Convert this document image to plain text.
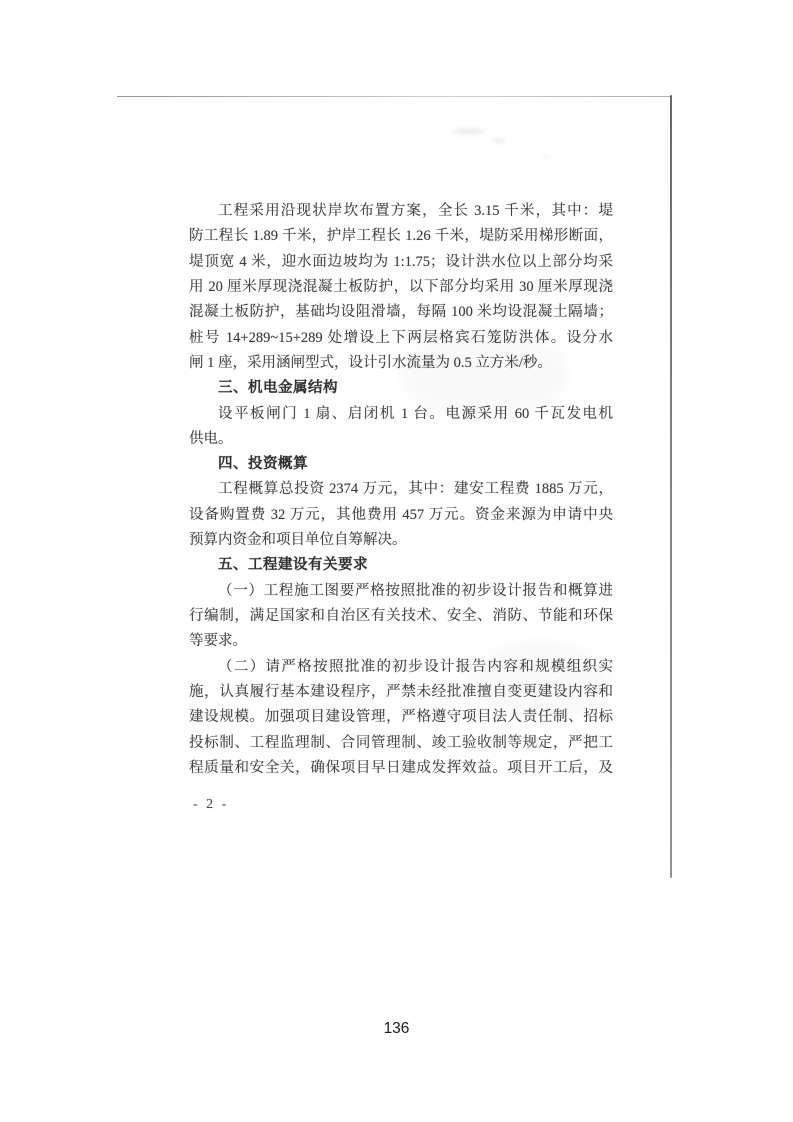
工程采用沿现状岸坎布置方案，全长 3.15 千米，其中：堤
防工程长 1.89 千米，护岸工程长 1.26 千米，堤防采用梯形断面，
堤顶宽 4 米，迎水面边坡均为 1:1.75；设计洪水位以上部分均采
用 20 厘米厚现浇混凝土板防护，以下部分均采用 30 厘米厚现浇
混凝土板防护，基础均设阻滑墙，每隔 100 米均设混凝土隔墙；
桩号 14+289~15+289 处增设上下两层格宾石笼防洪体。设分水
闸 1 座，采用涵闸型式，设计引水流量为 0.5 立方米/秒。
三、机电金属结构
设平板闸门 1 扇、启闭机 1 台。电源采用 60 千瓦发电机
供电。
四、投资概算
工程概算总投资 2374 万元，其中：建安工程费 1885 万元，
设备购置费 32 万元，其他费用 457 万元。资金来源为申请中央
预算内资金和项目单位自筹解决。
五、工程建设有关要求
（一）工程施工图要严格按照批准的初步设计报告和概算进
行编制，满足国家和自治区有关技术、安全、消防、节能和环保
等要求。
（二）请严格按照批准的初步设计报告内容和规模组织实
施，认真履行基本建设程序，严禁未经批准擅自变更建设内容和
建设规模。加强项目建设管理，严格遵守项目法人责任制、招标
投标制、工程监理制、合同管理制、竣工验收制等规定，严把工
程质量和安全关，确保项目早日建成发挥效益。项目开工后，及
- 2 -
136
